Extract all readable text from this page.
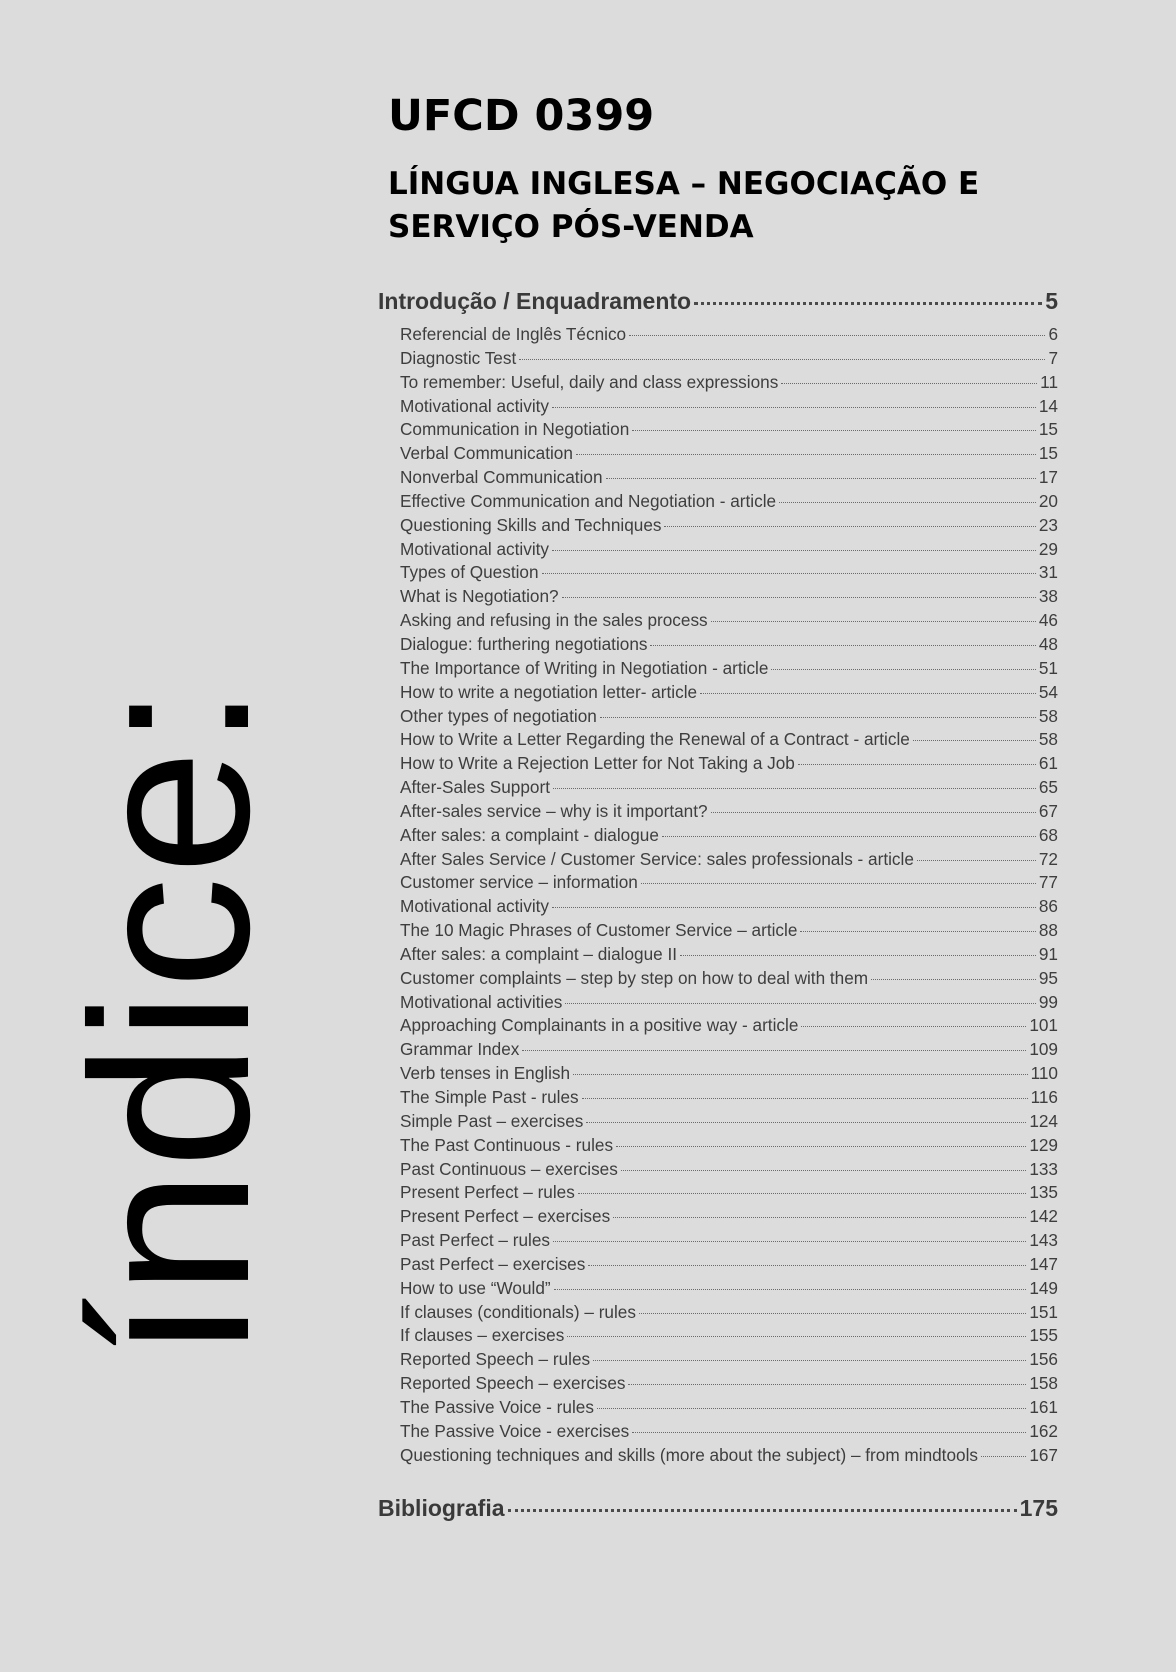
índice:
UFCD 0399
LÍNGUA INGLESA – NEGOCIAÇÃO E SERVIÇO PÓS-VENDA
Introdução / Enquadramento	5
Referencial de Inglês Técnico	6
Diagnostic Test	7
To remember: Useful, daily and class expressions	11
Motivational activity	14
Communication in Negotiation	15
Verbal Communication	15
Nonverbal Communication	17
Effective Communication and Negotiation - article	20
Questioning Skills and Techniques	23
Motivational activity	29
Types of Question	31
What is Negotiation?	38
Asking and refusing in the sales process	46
Dialogue: furthering negotiations	48
The Importance of Writing in Negotiation - article	51
How to write a negotiation letter- article	54
Other types of negotiation	58
How to Write a Letter Regarding the Renewal of a Contract - article	58
How to Write a Rejection Letter for Not Taking a Job	61
After-Sales Support	65
After-sales service – why is it important?	67
After sales: a complaint - dialogue	68
After Sales Service / Customer Service: sales professionals - article	72
Customer service – information	77
Motivational activity	86
The 10 Magic Phrases of Customer Service – article	88
After sales: a complaint – dialogue II	91
Customer complaints – step by step on how to deal with them	95
Motivational activities	99
Approaching Complainants in a positive way - article	101
Grammar Index	109
Verb tenses in English	110
The Simple Past - rules	116
Simple Past – exercises	124
The Past Continuous - rules	129
Past Continuous – exercises	133
Present Perfect – rules	135
Present Perfect – exercises	142
Past Perfect – rules	143
Past Perfect – exercises	147
How to use “Would”	149
If clauses (conditionals) – rules	151
If clauses – exercises	155
Reported Speech – rules	156
Reported Speech – exercises	158
The Passive Voice - rules	161
The Passive Voice - exercises	162
Questioning techniques and skills (more about the subject) – from mindtools	167
Bibliografia	175
